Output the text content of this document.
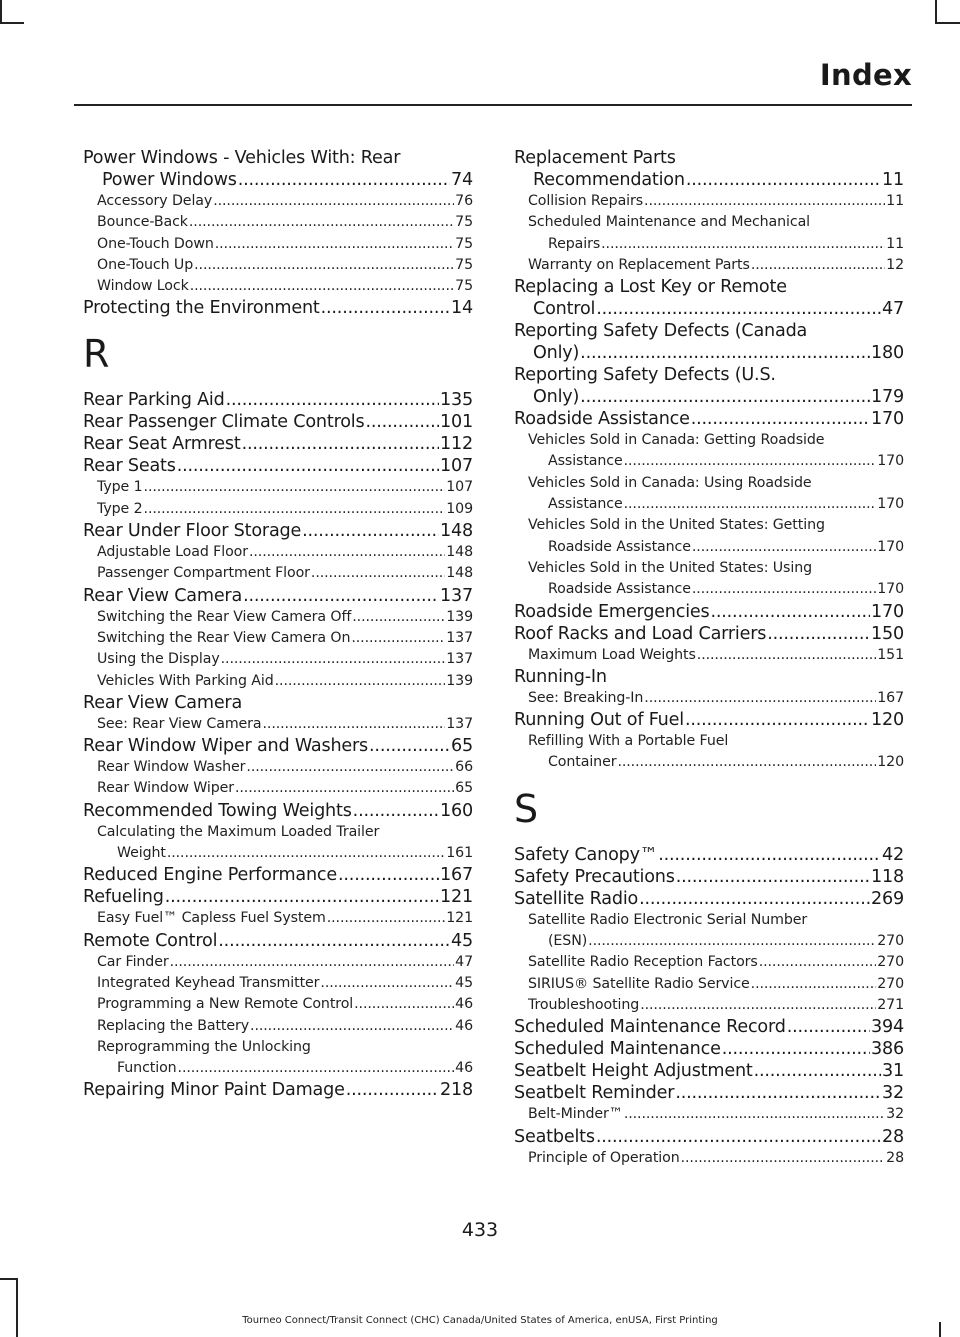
Index
Power Windows - Vehicles With: Rear
Power Windows .....	74
Accessory Delay .....	76
Bounce-Back .....	75
One-Touch Down .....	75
One-Touch Up .....	75
Window Lock .....	75
Protecting the Environment .....	14
R
Rear Parking Aid .....	135
Rear Passenger Climate Controls .....	101
Rear Seat Armrest .....	112
Rear Seats .....	107
Type 1 .....	107
Type 2 .....	109
Rear Under Floor Storage .....	148
Adjustable Load Floor .....	148
Passenger Compartment Floor .....	148
Rear View Camera .....	137
Switching the Rear View Camera Off .....	139
Switching the Rear View Camera On .....	137
Using the Display .....	137
Vehicles With Parking Aid .....	139
Rear View Camera
See: Rear View Camera .....	137
Rear Window Wiper and Washers .....	65
Rear Window Washer .....	66
Rear Window Wiper .....	65
Recommended Towing Weights .....	160
Calculating the Maximum Loaded Trailer
Weight .....	161
Reduced Engine Performance .....	167
Refueling .....	121
Easy Fuel™ Capless Fuel System .....	121
Remote Control .....	45
Car Finder .....	47
Integrated Keyhead Transmitter .....	45
Programming a New Remote Control .....	46
Replacing the Battery .....	46
Reprogramming the Unlocking
Function .....	46
Repairing Minor Paint Damage .....	218
Replacement Parts
Recommendation .....	11
Collision Repairs .....	11
Scheduled Maintenance and Mechanical
Repairs .....	11
Warranty on Replacement Parts .....	12
Replacing a Lost Key or Remote
Control .....	47
Reporting Safety Defects (Canada
Only) .....	180
Reporting Safety Defects (U.S.
Only) .....	179
Roadside Assistance .....	170
Vehicles Sold in Canada: Getting Roadside
Assistance .....	170
Vehicles Sold in Canada: Using Roadside
Assistance .....	170
Vehicles Sold in the United States: Getting
Roadside Assistance .....	170
Vehicles Sold in the United States: Using
Roadside Assistance .....	170
Roadside Emergencies .....	170
Roof Racks and Load Carriers .....	150
Maximum Load Weights .....	151
Running-In
See: Breaking-In .....	167
Running Out of Fuel .....	120
Refilling With a Portable Fuel
Container .....	120
S
Safety Canopy™ .....	42
Safety Precautions .....	118
Satellite Radio .....	269
Satellite Radio Electronic Serial Number
(ESN) .....	270
Satellite Radio Reception Factors .....	270
SIRIUS® Satellite Radio Service .....	270
Troubleshooting .....	271
Scheduled Maintenance Record .....	394
Scheduled Maintenance .....	386
Seatbelt Height Adjustment .....	31
Seatbelt Reminder .....	32
Belt-Minder™ .....	32
Seatbelts .....	28
Principle of Operation .....	28
433
Tourneo Connect/Transit Connect (CHC) Canada/United States of America, enUSA, First Printing
